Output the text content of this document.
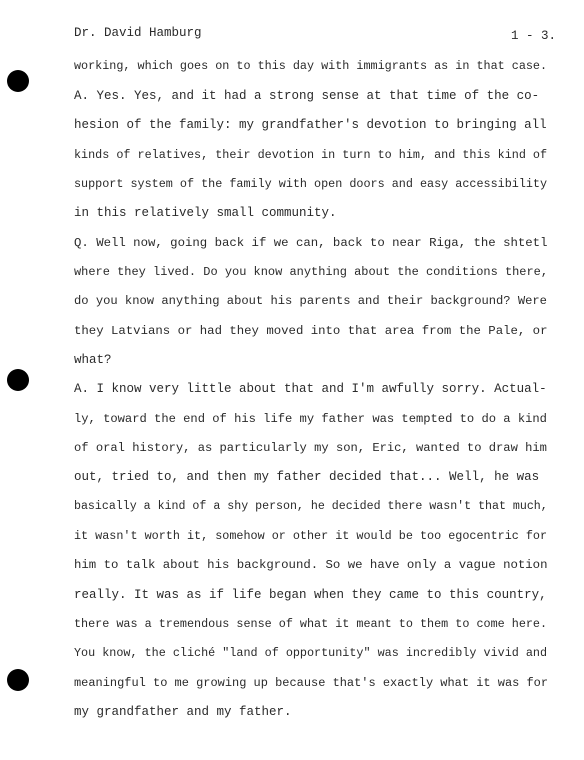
Dr. David Hamburg	1 - 3.
working, which goes on to this day with immigrants as in that case.
A. Yes. Yes, and it had a strong sense at that time of the co-
hesion of the family: my grandfather's devotion to bringing all
kinds of relatives, their devotion in turn to him, and this kind of
support system of the family with open doors and easy accessibility
in this relatively small community.
Q. Well now, going back if we can, back to near Riga, the shtetl
where they lived. Do you know anything about the conditions there,
do you know anything about his parents and their background? Were
they Latvians or had they moved into that area from the Pale, or
what?
A. I know very little about that and I'm awfully sorry. Actual-
ly, toward the end of his life my father was tempted to do a kind
of oral history, as particularly my son, Eric, wanted to draw him
out, tried to, and then my father decided that... Well, he was
basically a kind of a shy person, he decided there wasn't that much,
it wasn't worth it, somehow or other it would be too egocentric for
him to talk about his background. So we have only a vague notion
really. It was as if life began when they came to this country,
there was a tremendous sense of what it meant to them to come here.
You know, the cliché "land of opportunity" was incredibly vivid and
meaningful to me growing up because that's exactly what it was for
my grandfather and my father.
